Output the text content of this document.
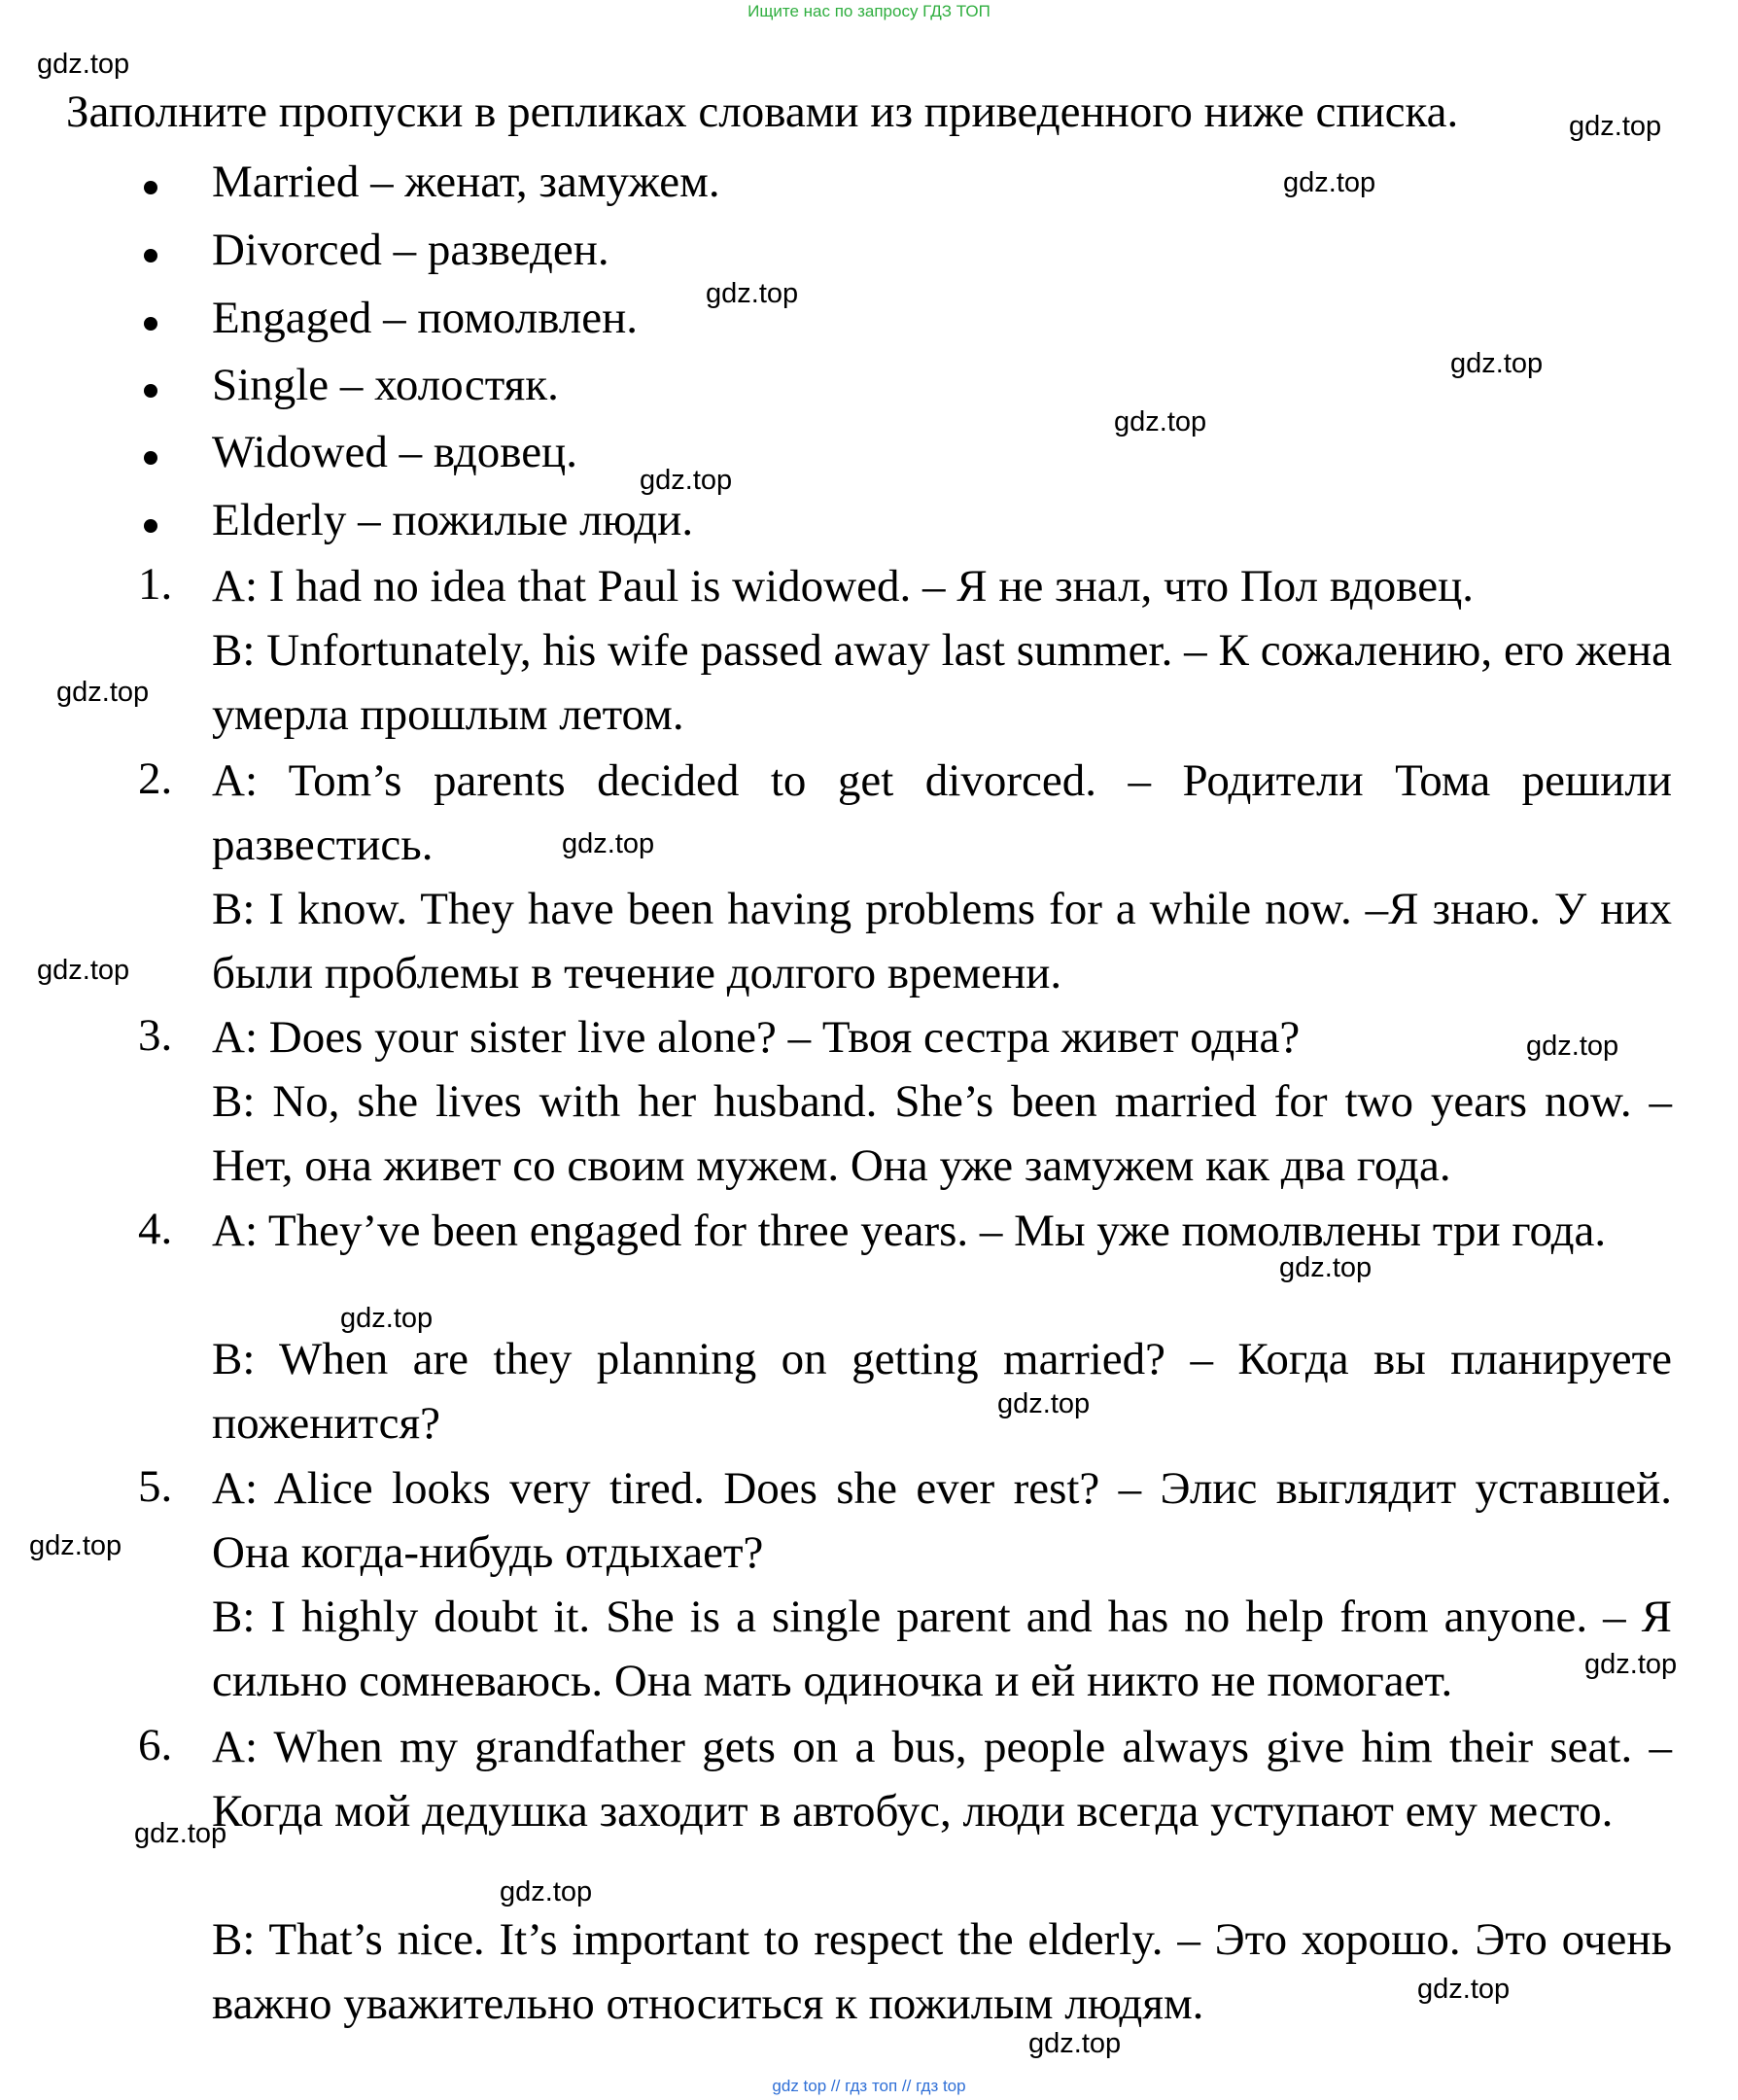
Ищите нас по запросу ГДЗ ТОП
Заполните пропуски в репликах словами из приведенного ниже списка.
Married – женат, замужем.
Divorced – разведен.
Engaged – помолвлен.
Single – холостяк.
Widowed – вдовец.
Elderly – пожилые люди.
1. A: I had no idea that Paul is widowed. – Я не знал, что Пол вдовец.
B: Unfortunately, his wife passed away last summer. – К сожалению, его жена умерла прошлым летом.
2. A: Tom’s parents decided to get divorced. – Родители Тома решили развестись.
B: I know. They have been having problems for a while now. –Я знаю. У них были проблемы в течение долгого времени.
3. A: Does your sister live alone? – Твоя сестра живет одна?
B: No, she lives with her husband. She’s been married for two years now. – Нет, она живет со своим мужем. Она уже замужем как два года.
4. A: They’ve been engaged for three years. – Мы уже помолвлены три года.
B: When are they planning on getting married? – Когда вы планируете поженится?
5. A: Alice looks very tired. Does she ever rest? – Элис выглядит уставшей. Она когда-нибудь отдыхает?
B: I highly doubt it. She is a single parent and has no help from anyone. – Я сильно сомневаюсь. Она мать одиночка и ей никто не помогает.
6. A: When my grandfather gets on a bus, people always give him their seat. – Когда мой дедушка заходит в автобус, люди всегда уступают ему место.
B: That’s nice. It’s important to respect the elderly. – Это хорошо. Это очень важно уважительно относиться к пожилым людям.
gdz.top
gdz.top
gdz.top
gdz.top
gdz.top
gdz.top
gdz.top
gdz.top
gdz.top
gdz.top
gdz.top
gdz.top
gdz.top
gdz.top
gdz.top
gdz.top
gdz.top
gdz.top
gdz.top
gdz.top
gdz top // гдз топ // гдз top
